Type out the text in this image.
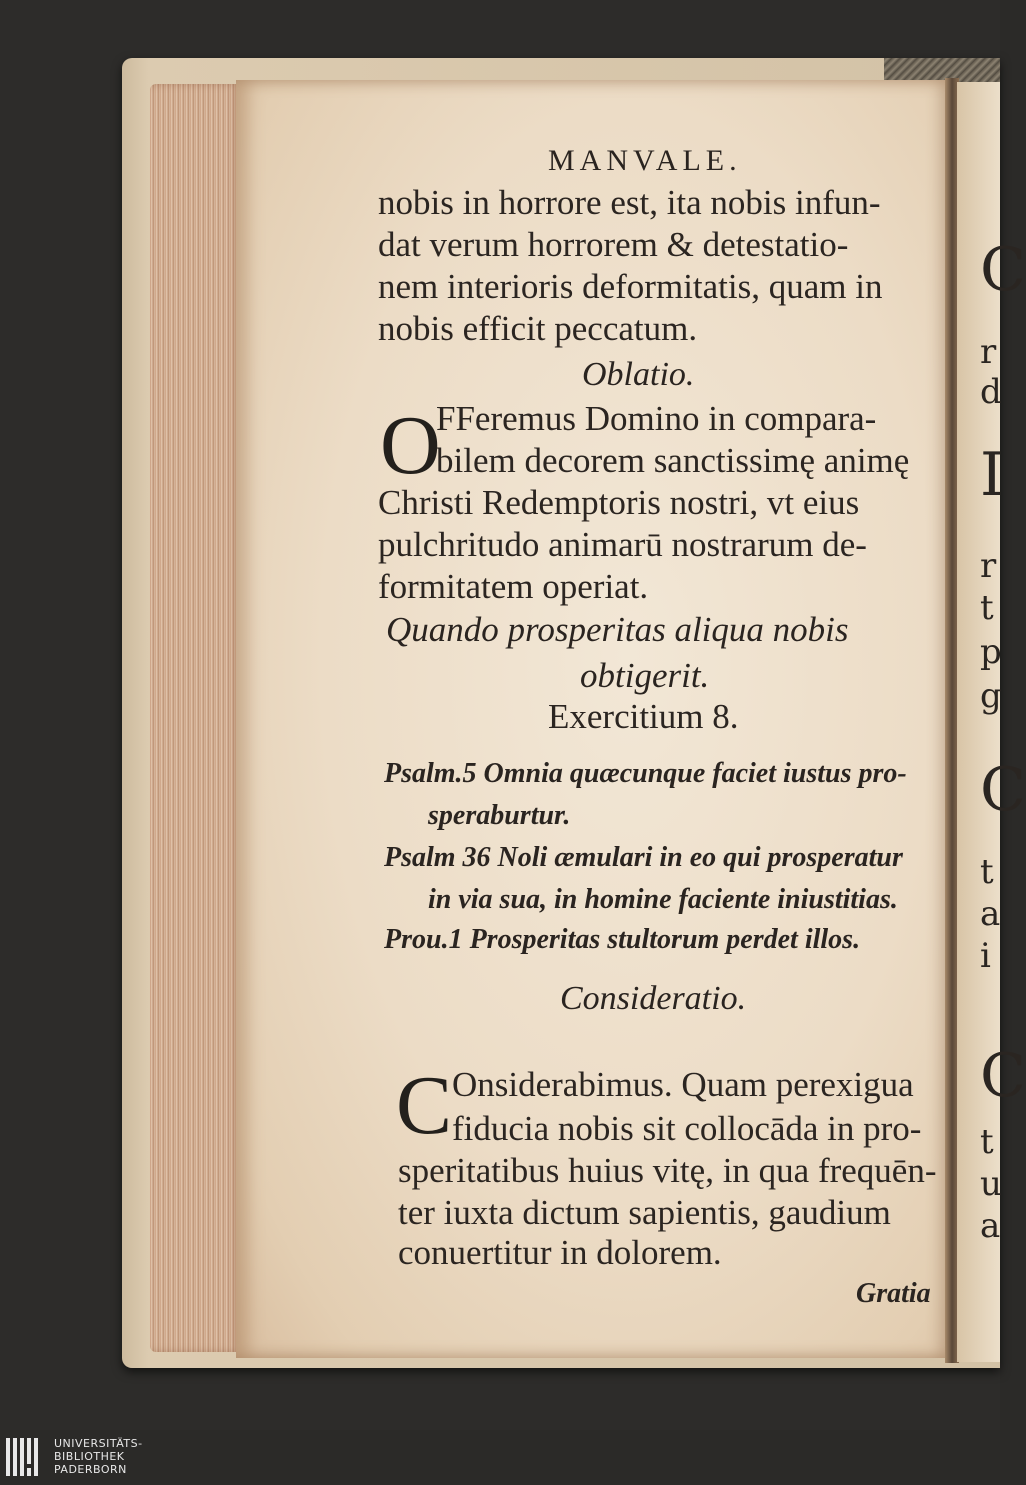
C
r
d
I
r
t
p
g
C
t
a
i
C
t
u
a
MANVALE.
nobis in horrore est, ita nobis infun-
dat verum horrorem & detestatio-
nem interioris deformitatis, quam in
nobis efficit peccatum.
Oblatio.
O
FFeremus Domino in compara-
bilem decorem sanctissimę animę
Christi Redemptoris nostri, vt eius
pulchritudo animarū nostrarum de-
formitatem operiat.
Quando prosperitas aliqua nobis
obtigerit.
Exercitium 8.
Psalm.5 Omnia quæcunque faciet iustus pro-
speraburtur.
Psalm 36 Noli æmulari in eo qui prosperatur
in via sua, in homine faciente iniustitias.
Prou.1 Prosperitas stultorum perdet illos.
Consideratio.
C Onsiderabimus. Quam perexigua
fiducia nobis sit collocāda in pro-
speritatibus huius vitę, in qua frequēn-
ter iuxta dictum sapientis, gaudium
conuertitur in dolorem.
Gratia
UNIVERSITÄTS-
BIBLIOTHEK
PADERBORN
